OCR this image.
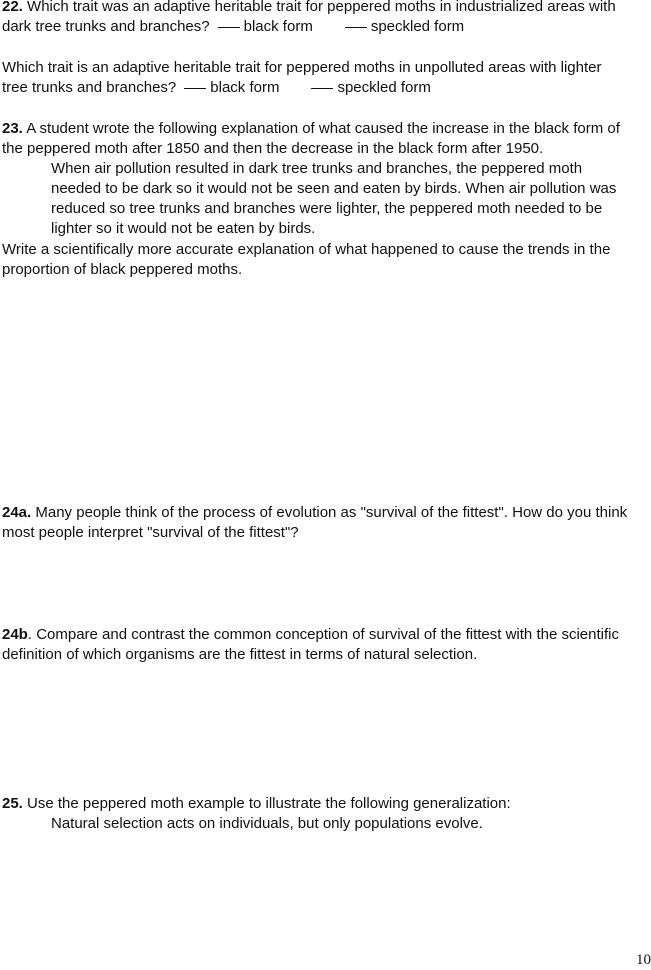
22. Which trait was an adaptive heritable trait for peppered moths in industrialized areas with
dark tree trunks and branches? black form	speckled form
Which trait is an adaptive heritable trait for peppered moths in unpolluted areas with lighter
tree trunks and branches? black form	speckled form
23. A student wrote the following explanation of what caused the increase in the black form of
the peppered moth after 1850 and then the decrease in the black form after 1950.
When air pollution resulted in dark tree trunks and branches, the peppered moth
needed to be dark so it would not be seen and eaten by birds. When air pollution was
reduced so tree trunks and branches were lighter, the peppered moth needed to be
lighter so it would not be eaten by birds.
Write a scientifically more accurate explanation of what happened to cause the trends in the
proportion of black peppered moths.
24a. Many people think of the process of evolution as "survival of the fittest". How do you think
most people interpret "survival of the fittest"?
24b. Compare and contrast the common conception of survival of the fittest with the scientific
definition of which organisms are the fittest in terms of natural selection.
25. Use the peppered moth example to illustrate the following generalization:
Natural selection acts on individuals, but only populations evolve.
10
